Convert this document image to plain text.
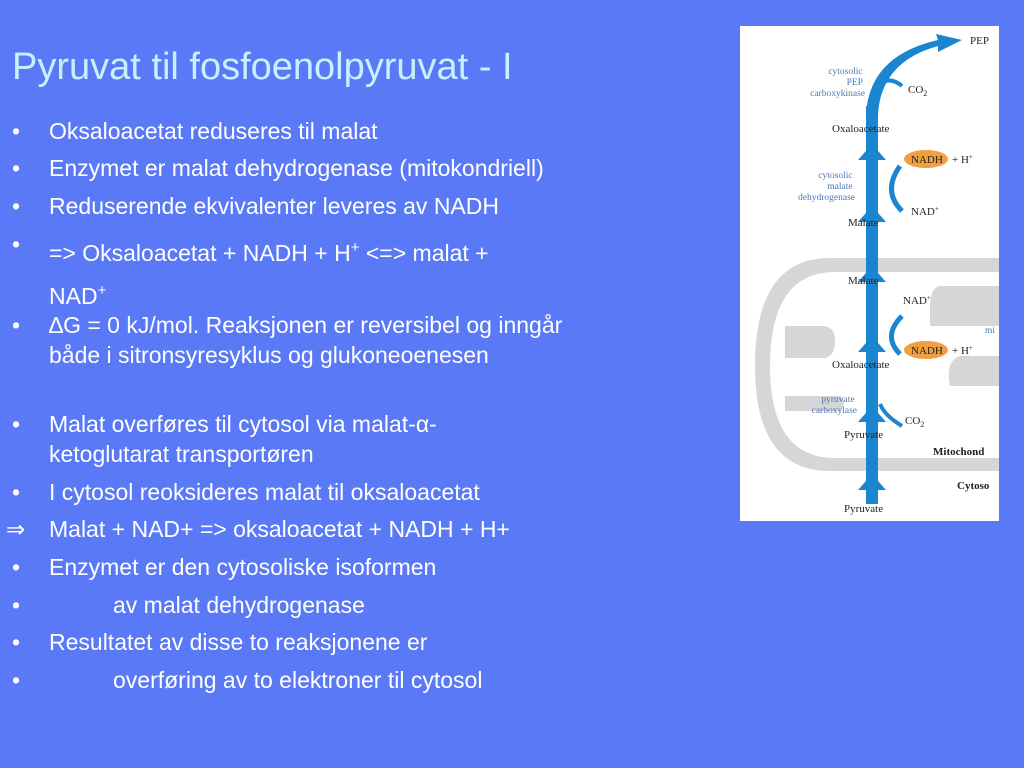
Pyruvat til fosfoenolpyruvat - I
•	Oksaloacetat reduseres til malat
•	Enzymet er malat dehydrogenase (mitokondriell)
•	Reduserende ekvivalenter leveres av NADH
•	=> Oksaloacetat + NADH + H+ <=> malat +
NAD+
•	∆G = 0 kJ/mol. Reaksjonen er reversibel og inngår både i sitronsyresyklus og glukoneoenesen
•	Malat overføres til cytosol via malat-α-ketoglutarat transportøren
•	I cytosol reoksideres malat til oksaloacetat
⇒	Malat + NAD+ => oksaloacetat + NADH + H+
•	Enzymet er den cytosoliske isoformen
•	av malat dehydrogenase
•	Resultatet av disse to reaksjonene er
•	overføring av to elektroner til cytosol
PEP
$CO_2$
cytosolic PEP carboxykinase
Oxaloacetate
NADH + H+
cytosolic malate dehydrogenase
NAD+
Malate
Malate
NAD+
mi
NADH + H+
Oxaloacetate
pyruvate carboxylase
$CO_2$
Pyruvate
Mitochond
Cytoso
Pyruvate
